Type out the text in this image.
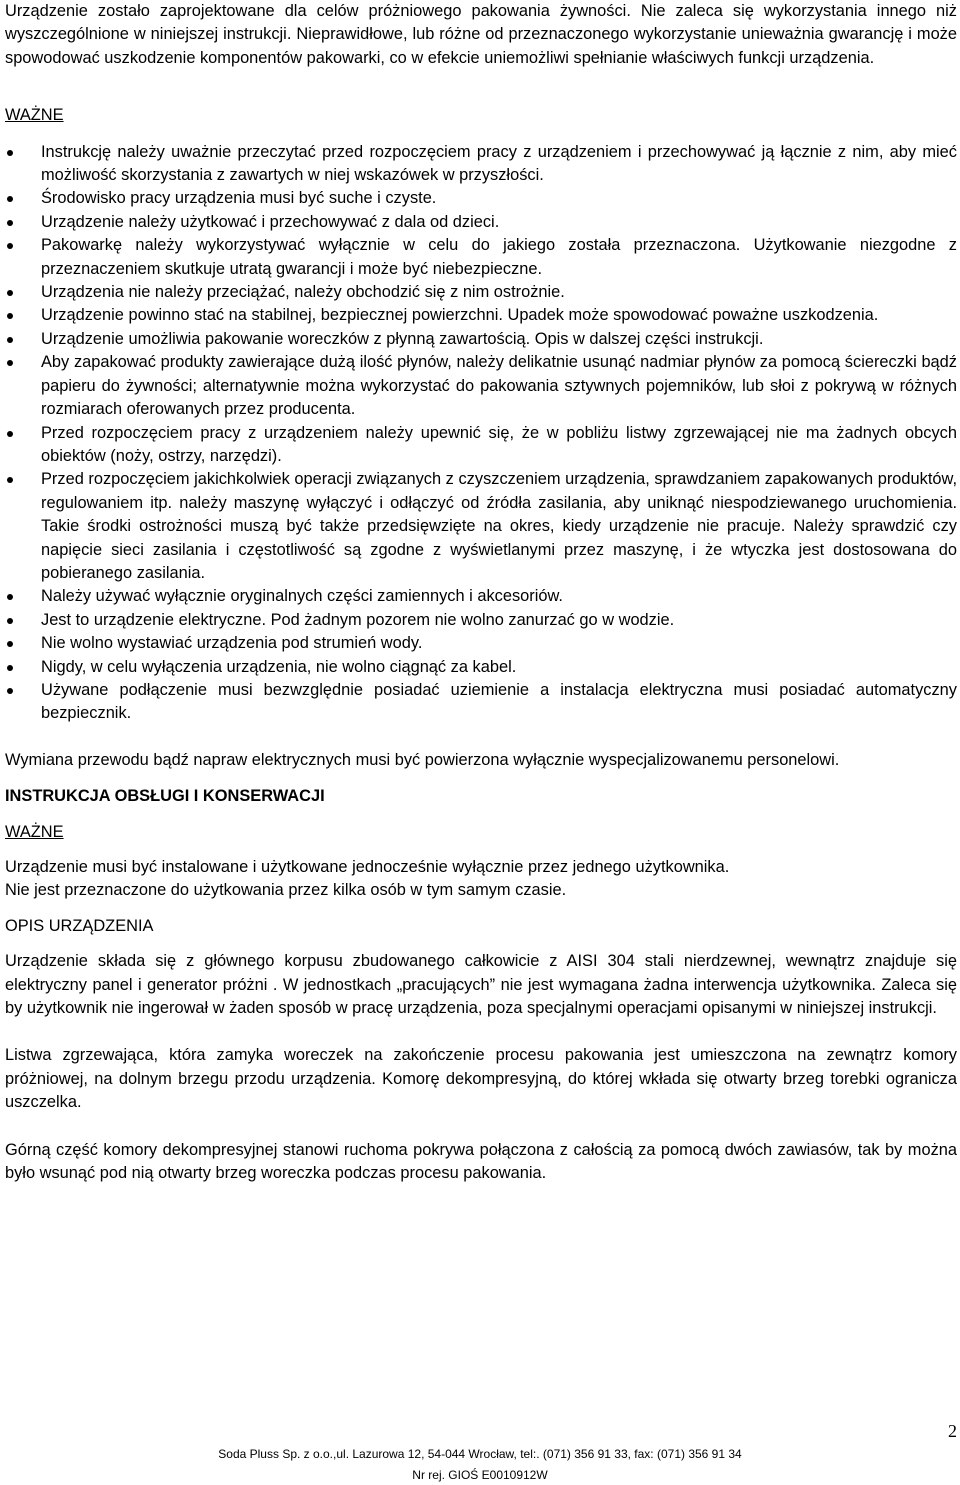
Urządzenie zostało zaprojektowane dla celów próżniowego pakowania żywności. Nie zaleca się wykorzystania innego niż wyszczególnione w niniejszej instrukcji. Nieprawidłowe, lub różne od przeznaczonego wykorzystanie unieważnia gwarancję i może spowodować uszkodzenie komponentów pakowarki, co w efekcie uniemożliwi spełnianie właściwych funkcji urządzenia.

WAŻNE

Instrukcję należy uważnie przeczytać przed rozpoczęciem pracy z urządzeniem i przechowywać ją łącznie z nim, aby mieć możliwość skorzystania z zawartych w niej wskazówek w przyszłości.
Środowisko pracy urządzenia musi być suche i czyste.
Urządzenie należy użytkować i przechowywać z dala od dzieci.
Pakowarkę należy wykorzystywać wyłącznie w celu do jakiego została przeznaczona. Użytkowanie niezgodne z przeznaczeniem skutkuje utratą gwarancji i może być niebezpieczne.
Urządzenia nie należy przeciążać, należy obchodzić się z nim ostrożnie.
Urządzenie powinno stać na stabilnej, bezpiecznej powierzchni. Upadek może spowodować poważne uszkodzenia.
Urządzenie umożliwia pakowanie woreczków z płynną zawartością. Opis w dalszej części instrukcji.
Aby zapakować produkty zawierające dużą ilość płynów, należy delikatnie usunąć nadmiar płynów za pomocą ściereczki bądź papieru do żywności; alternatywnie można wykorzystać do pakowania sztywnych pojemników, lub słoi z pokrywą w różnych rozmiarach oferowanych przez producenta.
Przed rozpoczęciem pracy z urządzeniem należy upewnić się, że w pobliżu listwy zgrzewającej nie ma żadnych obcych obiektów (noży, ostrzy, narzędzi).
Przed rozpoczęciem jakichkolwiek operacji związanych z czyszczeniem urządzenia, sprawdzaniem zapakowanych produktów, regulowaniem itp. należy maszynę wyłączyć i odłączyć od źródła zasilania, aby uniknąć niespodziewanego uruchomienia. Takie środki ostrożności muszą być także przedsięwzięte na okres, kiedy urządzenie nie pracuje. Należy sprawdzić czy napięcie sieci zasilania i częstotliwość są zgodne z wyświetlanymi przez maszynę, i że wtyczka jest dostosowana do pobieranego zasilania.
Należy używać wyłącznie oryginalnych części zamiennych i akcesoriów.
Jest to urządzenie elektryczne. Pod żadnym pozorem nie wolno zanurzać go w wodzie.
Nie wolno wystawiać urządzenia pod strumień wody.
Nigdy, w celu wyłączenia urządzenia, nie wolno ciągnąć za kabel.
Używane podłączenie musi bezwzględnie posiadać uziemienie a instalacja elektryczna musi posiadać automatyczny bezpiecznik.

Wymiana przewodu bądź napraw elektrycznych musi być powierzona wyłącznie wyspecjalizowanemu personelowi.

INSTRUKCJA OBSŁUGI I KONSERWACJI

WAŻNE

Urządzenie musi być instalowane i użytkowane jednocześnie wyłącznie przez jednego użytkownika.

Nie jest przeznaczone do użytkowania przez kilka osób w tym samym czasie.

OPIS URZĄDZENIA

Urządzenie składa się z głównego korpusu zbudowanego całkowicie z AISI 304 stali nierdzewnej, wewnątrz znajduje się elektryczny panel i generator próżni . W jednostkach „pracujących” nie jest wymagana żadna interwencja użytkownika. Zaleca się by użytkownik nie ingerował w żaden sposób w pracę urządzenia, poza specjalnymi operacjami opisanymi w niniejszej instrukcji.

Listwa zgrzewająca, która zamyka woreczek na zakończenie procesu pakowania jest umieszczona na zewnątrz komory próżniowej, na dolnym brzegu przodu urządzenia. Komorę dekompresyjną, do której wkłada się otwarty brzeg torebki ogranicza uszczelka.

Górną część komory dekompresyjnej stanowi ruchoma pokrywa połączona z całością za pomocą dwóch zawiasów, tak by można było wsunąć pod nią otwarty brzeg woreczka podczas procesu pakowania.

2
Soda Pluss Sp. z o.o.,ul. Lazurowa 12, 54-044 Wrocław, tel:. (071) 356 91 33, fax: (071) 356 91 34
Nr rej. GIOŚ E0010912W
